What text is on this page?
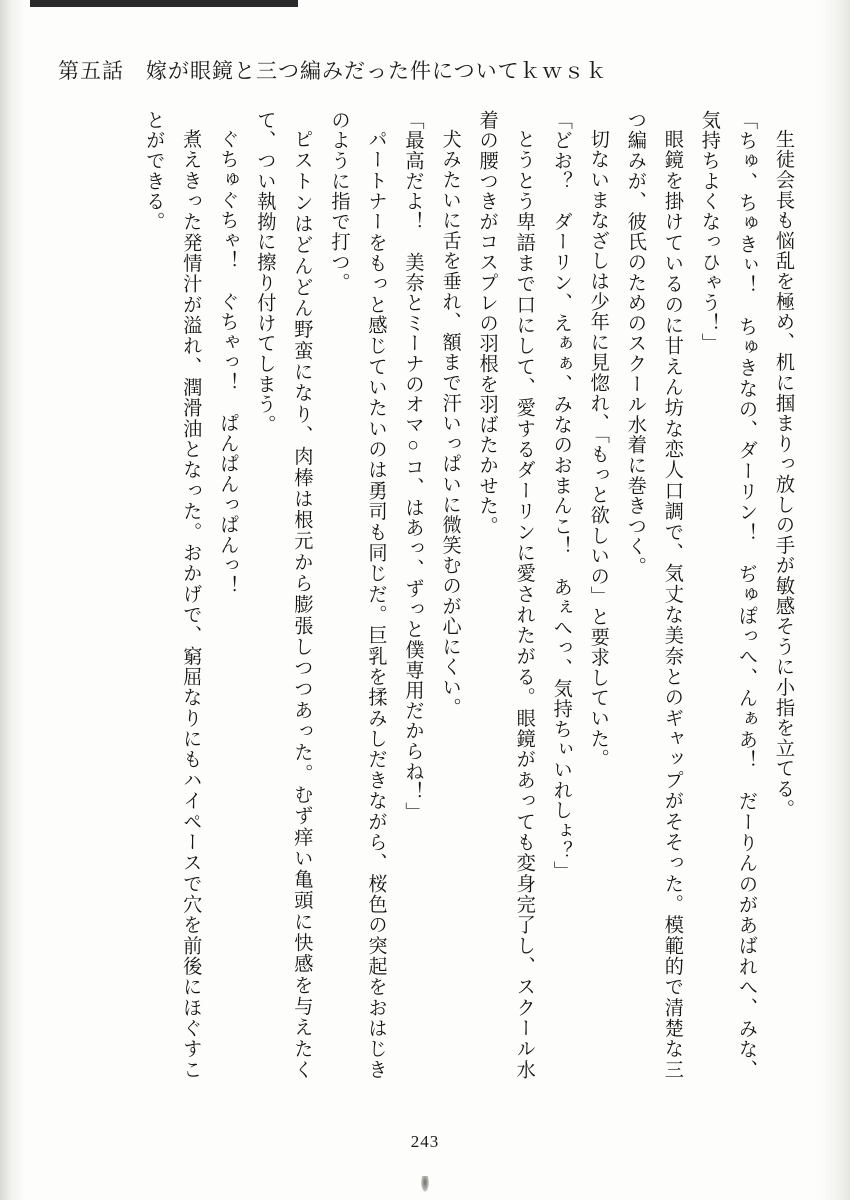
第五話　嫁が眼鏡と三つ編みだった件についてｋｗｓｋ

生徒会長も悩乱を極め、机に掴まりっ放しの手が敏感そうに小指を立てる。

「ちゅ、ちゅきぃ！　ちゅきなの、ダーリン！　ぢゅぽっへ、んぁあ！　だーりんのがあばれへ、みな、気持ちよくなっひゃう！」

眼鏡を掛けているのに甘えん坊な恋人口調で、気丈な美奈とのギャップがそそった。模範的で清楚な三つ編みが、彼氏のためのスクール水着に巻きつく。

切ないまなざしは少年に見惚れ、「もっと欲しいの」と要求していた。

「どお？　ダーリン、えぁぁ、みなのおまんこ！　あぇへっ、気持ちぃいれしょ？」

とうとう卑語まで口にして、愛するダーリンに愛されたがる。眼鏡があっても変身完了し、スクール水着の腰つきがコスプレの羽根を羽ばたかせた。

犬みたいに舌を垂れ、額まで汗いっぱいに微笑むのが心にくい。

「最高だよ！　美奈とミーナのオマ○コ、はあっ、ずっと僕専用だからね！」

パートナーをもっと感じていたいのは勇司も同じだ。巨乳を揉みしだきながら、桜色の突起をおはじきのように指で打つ。

ピストンはどんどん野蛮になり、肉棒は根元から膨張しつつあった。むず痒い亀頭に快感を与えたくて、つい執拗に擦り付けてしまう。

ぐちゅぐちゃ！　ぐちゃっ！　ぱんぱんっぱんっ！

煮えきった発情汁が溢れ、潤滑油となった。おかげで、窮屈なりにもハイペースで穴を前後にほぐすことができる。

243
